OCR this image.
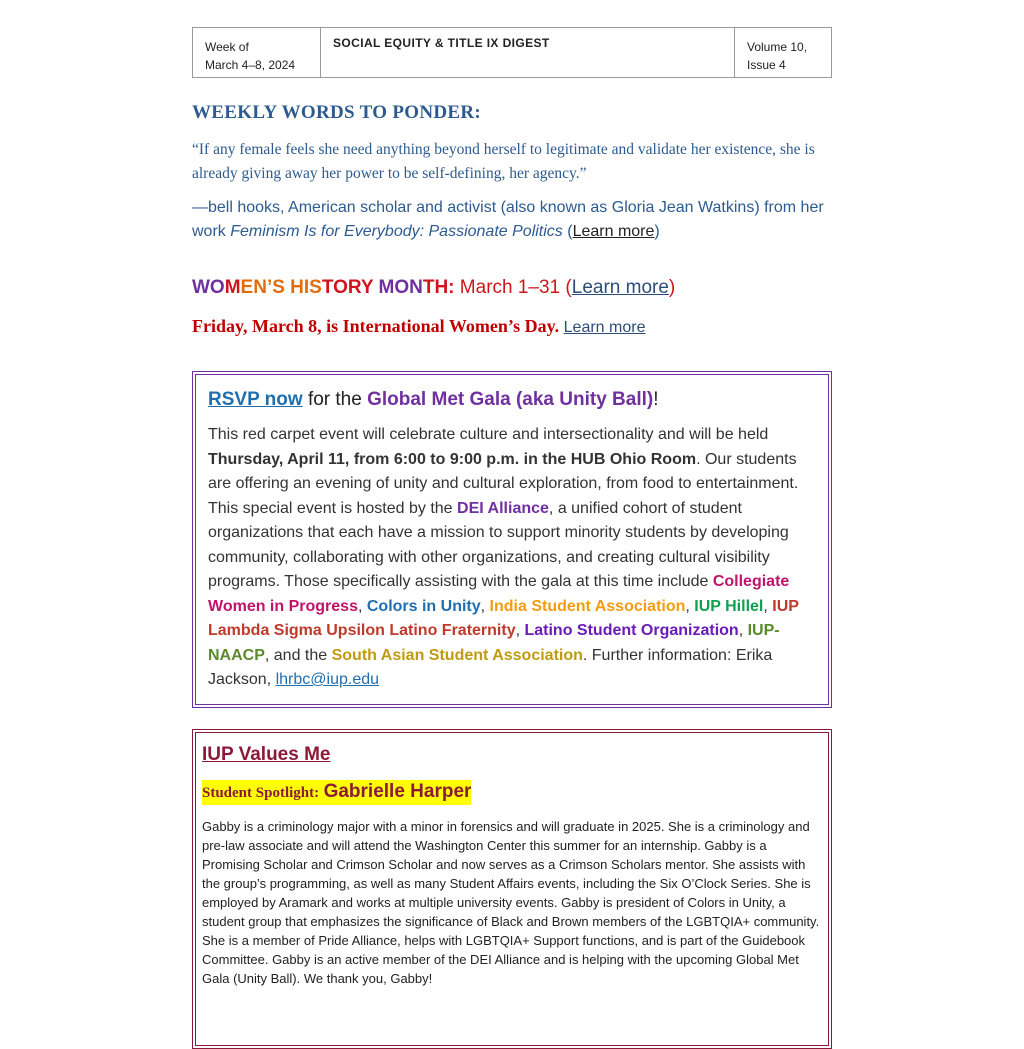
Week of
March 4–8, 2024
SOCIAL EQUITY & TITLE IX DIGEST	Volume 10,
Issue 4
WEEKLY WORDS TO PONDER:
“If any female feels she need anything beyond herself to legitimate and validate her existence, she is already giving away her power to be self-defining, her agency.”
—bell hooks, American scholar and activist (also known as Gloria Jean Watkins) from her work Feminism Is for Everybody: Passionate Politics (Learn more)
WOMEN’S HISTORY MONTH: March 1–31 (Learn more)
Friday, March 8, is International Women’s Day. Learn more
RSVP now for the Global Met Gala (aka Unity Ball)!
This red carpet event will celebrate culture and intersectionality and will be held Thursday, April 11, from 6:00 to 9:00 p.m. in the HUB Ohio Room. Our students are offering an evening of unity and cultural exploration, from food to entertainment. This special event is hosted by the DEI Alliance, a unified cohort of student organizations that each have a mission to support minority students by developing community, collaborating with other organizations, and creating cultural visibility programs. Those specifically assisting with the gala at this time include Collegiate Women in Progress, Colors in Unity, India Student Association, IUP Hillel, IUP Lambda Sigma Upsilon Latino Fraternity, Latino Student Organization, IUP-NAACP, and the South Asian Student Association. Further information: Erika Jackson, lhrbc@iup.edu
IUP Values Me
Student Spotlight: Gabrielle Harper
Gabby is a criminology major with a minor in forensics and will graduate in 2025. She is a criminology and pre-law associate and will attend the Washington Center this summer for an internship. Gabby is a Promising Scholar and Crimson Scholar and now serves as a Crimson Scholars mentor. She assists with the group’s programming, as well as many Student Affairs events, including the Six O’Clock Series. She is employed by Aramark and works at multiple university events. Gabby is president of Colors in Unity, a student group that emphasizes the significance of Black and Brown members of the LGBTQIA+ community. She is a member of Pride Alliance, helps with LGBTQIA+ Support functions, and is part of the Guidebook Committee. Gabby is an active member of the DEI Alliance and is helping with the upcoming Global Met Gala (Unity Ball). We thank you, Gabby!
